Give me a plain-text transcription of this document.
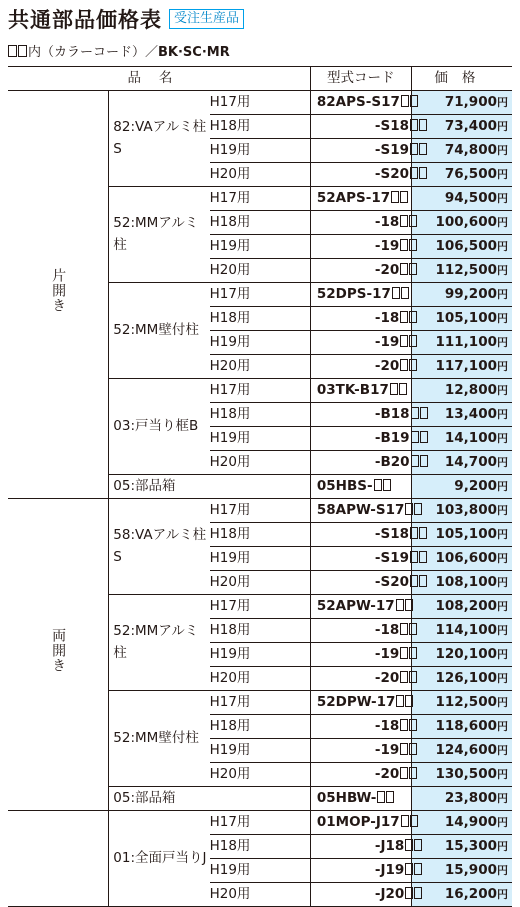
共通部品価格表 受注生産品
内（カラーコード）／BK·SC·MR
品名			型式コード	価格
片開き	82:VAアルミ柱S	H17用	82APS-S17	71,900円
		H18用	-S18	73,400円
		H19用	-S19	74,800円
		H20用	-S20	76,500円
	52:MMアルミ柱	H17用	52APS-17	94,500円
		H18用	-18	100,600円
		H19用	-19	106,500円
		H20用	-20	112,500円
	52:MM壁付柱	H17用	52DPS-17	99,200円
		H18用	-18	105,100円
		H19用	-19	111,100円
		H20用	-20	117,100円
	03:戸当り框B	H17用	03TK-B17	12,800円
		H18用	-B18	13,400円
		H19用	-B19	14,100円
		H20用	-B20	14,700円
	05:部品箱		05HBS-	9,200円
両開き	58:VAアルミ柱S	H17用	58APW-S17	103,800円
		H18用	-S18	105,100円
		H19用	-S19	106,600円
		H20用	-S20	108,100円
	52:MMアルミ柱	H17用	52APW-17	108,200円
		H18用	-18	114,100円
		H19用	-19	120,100円
		H20用	-20	126,100円
	52:MM壁付柱	H17用	52DPW-17	112,500円
		H18用	-18	118,600円
		H19用	-19	124,600円
		H20用	-20	130,500円
	05:部品箱		05HBW-	23,800円
	01:全面戸当りJ	H17用	01MOP-J17	14,900円
		H18用	-J18	15,300円
		H19用	-J19	15,900円
		H20用	-J20	16,200円
